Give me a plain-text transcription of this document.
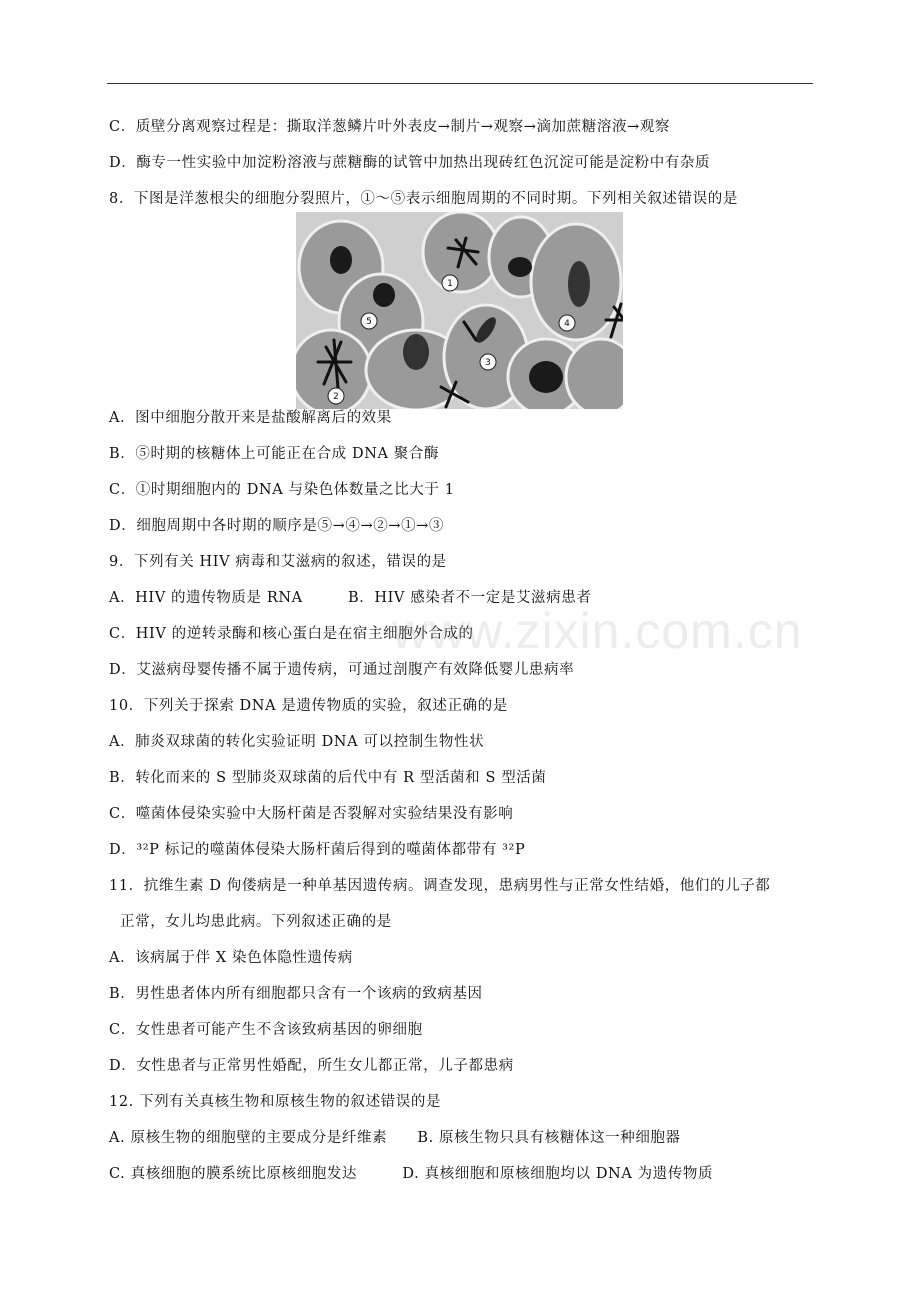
C．质壁分离观察过程是：撕取洋葱鳞片叶外表皮→制片→观察→滴加蔗糖溶液→观察
D．酶专一性实验中加淀粉溶液与蔗糖酶的试管中加热出现砖红色沉淀可能是淀粉中有杂质
8．下图是洋葱根尖的细胞分裂照片，①～⑤表示细胞周期的不同时期。下列相关叙述错误的是
1
2
3
4
5
A．图中细胞分散开来是盐酸解离后的效果
B．⑤时期的核糖体上可能正在合成 DNA 聚合酶
C．①时期细胞内的 DNA 与染色体数量之比大于 1
D．细胞周期中各时期的顺序是⑤→④→②→①→③
9．下列有关 HIV 病毒和艾滋病的叙述，错误的是
A．HIV 的遗传物质是 RNA　　　B．HIV 感染者不一定是艾滋病患者
C．HIV 的逆转录酶和核心蛋白是在宿主细胞外合成的
D．艾滋病母婴传播不属于遗传病，可通过剖腹产有效降低婴儿患病率
10．下列关于探索 DNA 是遗传物质的实验，叙述正确的是
A．肺炎双球菌的转化实验证明 DNA 可以控制生物性状
B．转化而来的 S 型肺炎双球菌的后代中有 R 型活菌和 S 型活菌
C．噬菌体侵染实验中大肠杆菌是否裂解对实验结果没有影响
D．³²P 标记的噬菌体侵染大肠杆菌后得到的噬菌体都带有 ³²P
11．抗维生素 D 佝偻病是一种单基因遗传病。调查发现，患病男性与正常女性结婚，他们的儿子都
正常，女儿均患此病。下列叙述正确的是
A．该病属于伴 X 染色体隐性遗传病
B．男性患者体内所有细胞都只含有一个该病的致病基因
C．女性患者可能产生不含该致病基因的卵细胞
D．女性患者与正常男性婚配，所生女儿都正常，儿子都患病
12. 下列有关真核生物和原核生物的叙述错误的是
A. 原核生物的细胞壁的主要成分是纤维素　　B. 原核生物只具有核糖体这一种细胞器
C. 真核细胞的膜系统比原核细胞发达　　　D. 真核细胞和原核细胞均以 DNA 为遗传物质
www.zixin.com.cn
